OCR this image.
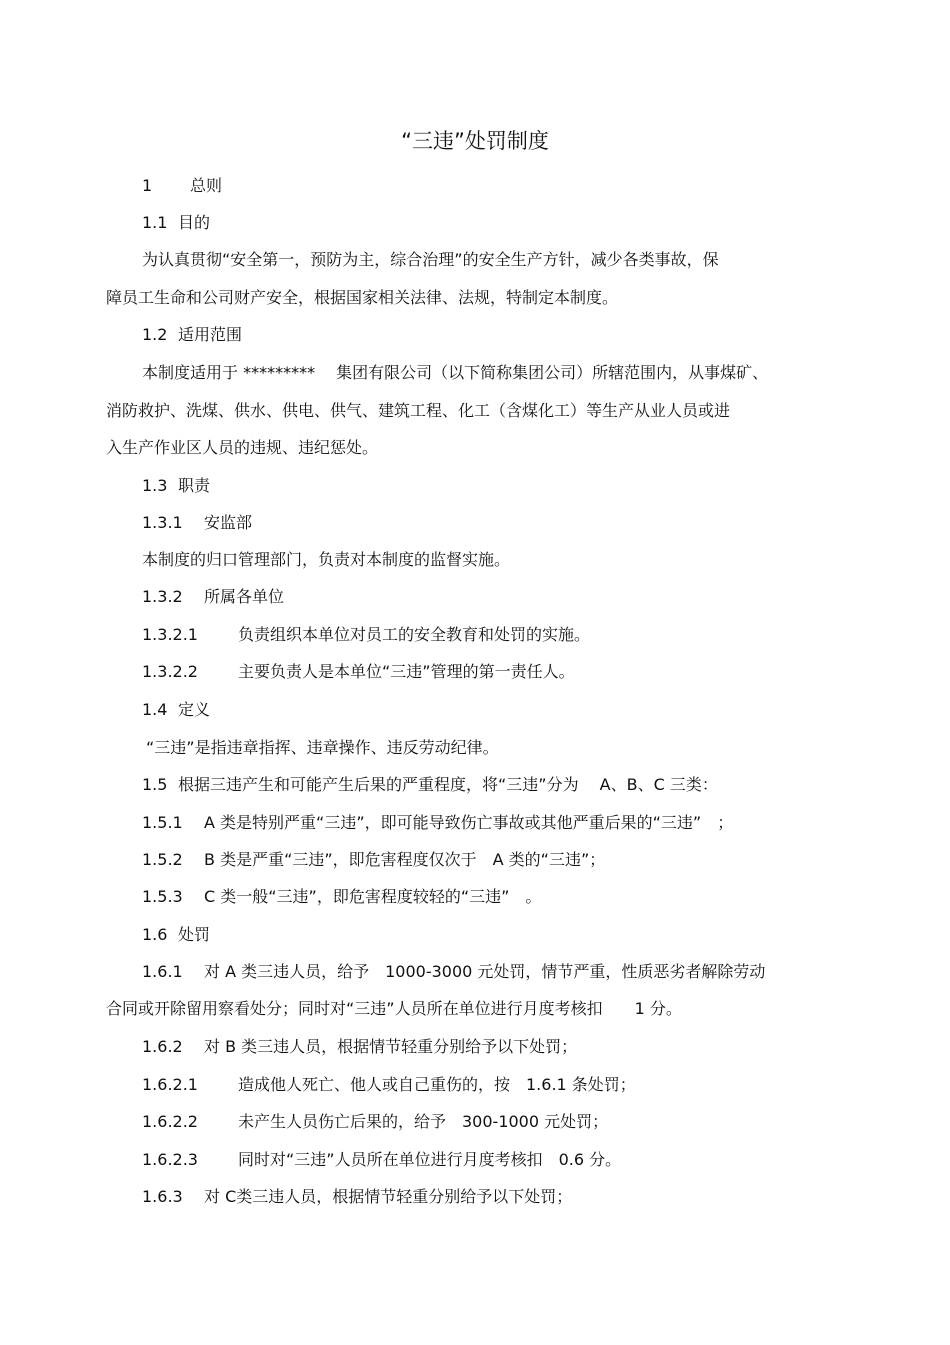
“三违”处罚制度
1 总则
1.1 目的
为认真贯彻“安全第一，预防为主，综合治理”的安全生产方针，减少各类事故，保
障员工生命和公司财产安全，根据国家相关法律、法规，特制定本制度。
1.2 适用范围
本制度适用于 *********　 集团有限公司（以下简称集团公司）所辖范围内，从事煤矿、
消防救护、洗煤、供水、供电、供气、建筑工程、化工（含煤化工）等生产从业人员或进
入生产作业区人员的违规、违纪惩处。
1.3 职责
1.3.1 安监部
本制度的归口管理部门，负责对本制度的监督实施。
1.3.2 所属各单位
1.3.2.1	负责组织本单位对员工的安全教育和处罚的实施。
1.3.2.2	主要负责人是本单位“三违”管理的第一责任人。
1.4 定义
“三违”是指违章指挥、违章操作、违反劳动纪律。
1.5 根据三违产生和可能产生后果的严重程度，将“三违”分为　 A、B、C 三类：
1.5.1 A 类是特别严重“三违”，即可能导致伤亡事故或其他严重后果的“三违”　；
1.5.2 B 类是严重“三违”，即危害程度仅次于　A 类的“三违”；
1.5.3 C 类一般“三违”，即危害程度较轻的“三违”　。
1.6 处罚
1.6.1 对 A 类三违人员，给予　1000-3000 元处罚，情节严重，性质恶劣者解除劳动
合同或开除留用察看处分；同时对“三违”人员所在单位进行月度考核扣　　1 分。
1.6.2 对 B 类三违人员，根据情节轻重分别给予以下处罚；
1.6.2.1	造成他人死亡、他人或自己重伤的，按　1.6.1 条处罚；
1.6.2.2	未产生人员伤亡后果的，给予　300-1000 元处罚；
1.6.2.3	同时对“三违”人员所在单位进行月度考核扣　0.6 分。
1.6.3 对 C类三违人员，根据情节轻重分别给予以下处罚；
